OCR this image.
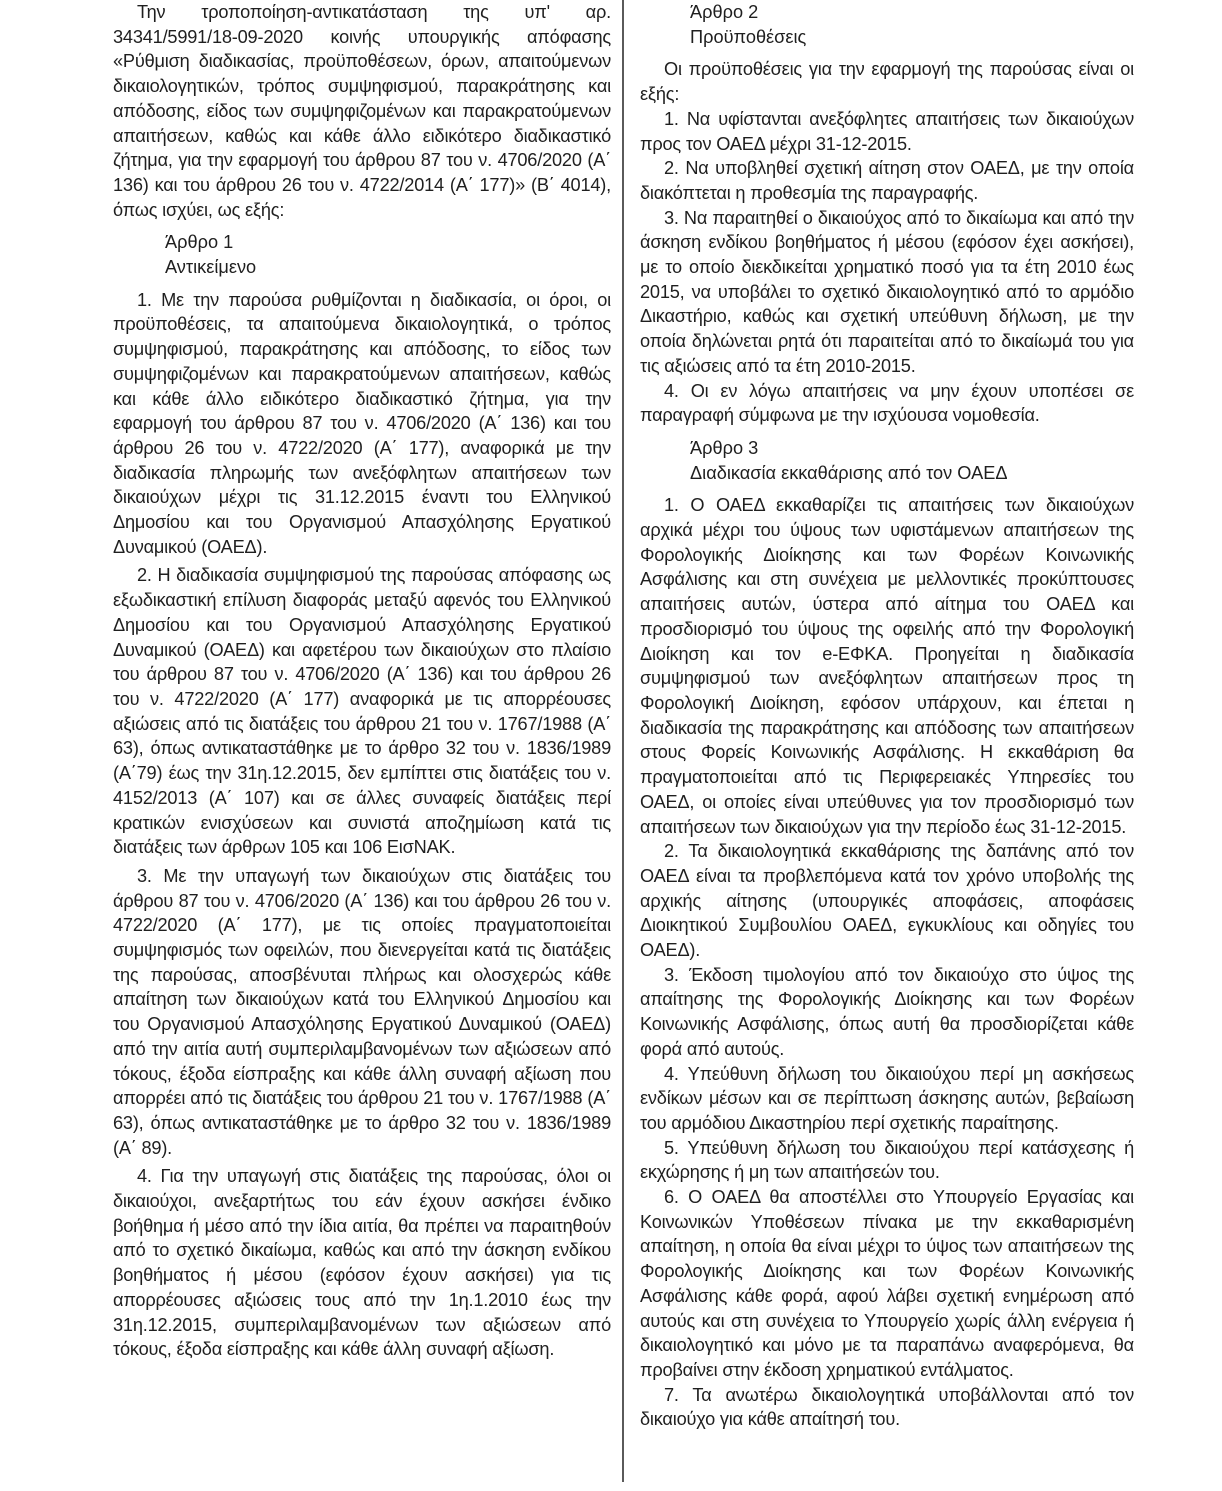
Την τροποποίηση-αντικατάσταση της υπ' αρ. 34341/5991/18-09-2020 κοινής υπουργικής απόφασης «Ρύθμιση διαδικασίας, προϋποθέσεων, όρων, απαιτούμενων δικαιολογητικών, τρόπος συμψηφισμού, παρακράτησης και απόδοσης, είδος των συμψηφιζομένων και παρακρατούμενων απαιτήσεων, καθώς και κάθε άλλο ειδικότερο διαδικαστικό ζήτημα, για την εφαρμογή του άρθρου 87 του ν. 4706/2020 (Α΄ 136) και του άρθρου 26 του ν. 4722/2014 (Α΄ 177)» (Β΄ 4014), όπως ισχύει, ως εξής:

Άρθρο 1
Αντικείμενο

1. Με την παρούσα ρυθμίζονται η διαδικασία, οι όροι, οι προϋποθέσεις, τα απαιτούμενα δικαιολογητικά, ο τρόπος συμψηφισμού, παρακράτησης και απόδοσης, το είδος των συμψηφιζομένων και παρακρατούμενων απαιτήσεων, καθώς και κάθε άλλο ειδικότερο διαδικαστικό ζήτημα, για την εφαρμογή του άρθρου 87 του ν. 4706/2020 (Α΄ 136) και του άρθρου 26 του ν. 4722/2020 (Α΄ 177), αναφορικά με την διαδικασία πληρωμής των ανεξόφλητων απαιτήσεων των δικαιούχων μέχρι τις 31.12.2015 έναντι του Ελληνικού Δημοσίου και του Οργανισμού Απασχόλησης Εργατικού Δυναμικού (ΟΑΕΔ).

2. Η διαδικασία συμψηφισμού της παρούσας απόφασης ως εξωδικαστική επίλυση διαφοράς μεταξύ αφενός του Ελληνικού Δημοσίου και του Οργανισμού Απασχόλησης Εργατικού Δυναμικού (ΟΑΕΔ) και αφετέρου των δικαιούχων στο πλαίσιο του άρθρου 87 του ν. 4706/2020 (Α΄ 136) και του άρθρου 26 του ν. 4722/2020 (Α΄ 177) αναφορικά με τις απορρέουσες αξιώσεις από τις διατάξεις του άρθρου 21 του ν. 1767/1988 (Α΄ 63), όπως αντικαταστάθηκε με το άρθρο 32 του ν. 1836/1989 (Α΄79) έως την 31η.12.2015, δεν εμπίπτει στις διατάξεις του ν. 4152/2013 (Α΄ 107) και σε άλλες συναφείς διατάξεις περί κρατικών ενισχύσεων και συνιστά αποζημίωση κατά τις διατάξεις των άρθρων 105 και 106 ΕισΝΑΚ.

3. Με την υπαγωγή των δικαιούχων στις διατάξεις του άρθρου 87 του ν. 4706/2020 (Α΄ 136) και του άρθρου 26 του ν. 4722/2020 (Α΄ 177), με τις οποίες πραγματοποιείται συμψηφισμός των οφειλών, που διενεργείται κατά τις διατάξεις της παρούσας, αποσβένυται πλήρως και ολοσχερώς κάθε απαίτηση των δικαιούχων κατά του Ελληνικού Δημοσίου και του Οργανισμού Απασχόλησης Εργατικού Δυναμικού (ΟΑΕΔ) από την αιτία αυτή συμπεριλαμβανομένων των αξιώσεων από τόκους, έξοδα είσπραξης και κάθε άλλη συναφή αξίωση που απορρέει από τις διατάξεις του άρθρου 21 του ν. 1767/1988 (Α΄ 63), όπως αντικαταστάθηκε με το άρθρο 32 του ν. 1836/1989 (Α΄ 89).

4. Για την υπαγωγή στις διατάξεις της παρούσας, όλοι οι δικαιούχοι, ανεξαρτήτως του εάν έχουν ασκήσει ένδικο βοήθημα ή μέσο από την ίδια αιτία, θα πρέπει να παραιτηθούν από το σχετικό δικαίωμα, καθώς και από την άσκηση ενδίκου βοηθήματος ή μέσου (εφόσον έχουν ασκήσει) για τις απορρέουσες αξιώσεις τους από την 1η.1.2010 έως την 31η.12.2015, συμπεριλαμβανομένων των αξιώσεων από τόκους, έξοδα είσπραξης και κάθε άλλη συναφή αξίωση.

Άρθρο 2
Προϋποθέσεις

Οι προϋποθέσεις για την εφαρμογή της παρούσας είναι οι εξής:

1. Να υφίστανται ανεξόφλητες απαιτήσεις των δικαιούχων προς τον ΟΑΕΔ μέχρι 31-12-2015.

2. Να υποβληθεί σχετική αίτηση στον ΟΑΕΔ, με την οποία διακόπτεται η προθεσμία της παραγραφής.

3. Να παραιτηθεί ο δικαιούχος από το δικαίωμα και από την άσκηση ενδίκου βοηθήματος ή μέσου (εφόσον έχει ασκήσει), με το οποίο διεκδικείται χρηματικό ποσό για τα έτη 2010 έως 2015, να υποβάλει το σχετικό δικαιολογητικό από το αρμόδιο Δικαστήριο, καθώς και σχετική υπεύθυνη δήλωση, με την οποία δηλώνεται ρητά ότι παραιτείται από το δικαίωμά του για τις αξιώσεις από τα έτη 2010-2015.

4. Οι εν λόγω απαιτήσεις να μην έχουν υποπέσει σε παραγραφή σύμφωνα με την ισχύουσα νομοθεσία.

Άρθρο 3
Διαδικασία εκκαθάρισης από τον ΟΑΕΔ

1. Ο ΟΑΕΔ εκκαθαρίζει τις απαιτήσεις των δικαιούχων αρχικά μέχρι του ύψους των υφιστάμενων απαιτήσεων της Φορολογικής Διοίκησης και των Φορέων Κοινωνικής Ασφάλισης και στη συνέχεια με μελλοντικές προκύπτουσες απαιτήσεις αυτών, ύστερα από αίτημα του ΟΑΕΔ και προσδιορισμό του ύψους της οφειλής από την Φορολογική Διοίκηση και τον e-ΕΦΚΑ. Προηγείται η διαδικασία συμψηφισμού των ανεξόφλητων απαιτήσεων προς τη Φορολογική Διοίκηση, εφόσον υπάρχουν, και έπεται η διαδικασία της παρακράτησης και απόδοσης των απαιτήσεων στους Φορείς Κοινωνικής Ασφάλισης. Η εκκαθάριση θα πραγματοποιείται από τις Περιφερειακές Υπηρεσίες του ΟΑΕΔ, οι οποίες είναι υπεύθυνες για τον προσδιορισμό των απαιτήσεων των δικαιούχων για την περίοδο έως 31-12-2015.

2. Τα δικαιολογητικά εκκαθάρισης της δαπάνης από τον ΟΑΕΔ είναι τα προβλεπόμενα κατά τον χρόνο υποβολής της αρχικής αίτησης (υπουργικές αποφάσεις, αποφάσεις Διοικητικού Συμβουλίου ΟΑΕΔ, εγκυκλίους και οδηγίες του ΟΑΕΔ).

3. Έκδοση τιμολογίου από τον δικαιούχο στο ύψος της απαίτησης της Φορολογικής Διοίκησης και των Φορέων Κοινωνικής Ασφάλισης, όπως αυτή θα προσδιορίζεται κάθε φορά από αυτούς.

4. Υπεύθυνη δήλωση του δικαιούχου περί μη ασκήσεως ενδίκων μέσων και σε περίπτωση άσκησης αυτών, βεβαίωση του αρμόδιου Δικαστηρίου περί σχετικής παραίτησης.

5. Υπεύθυνη δήλωση του δικαιούχου περί κατάσχεσης ή εκχώρησης ή μη των απαιτήσεών του.

6. Ο ΟΑΕΔ θα αποστέλλει στο Υπουργείο Εργασίας και Κοινωνικών Υποθέσεων πίνακα με την εκκαθαρισμένη απαίτηση, η οποία θα είναι μέχρι το ύψος των απαιτήσεων της Φορολογικής Διοίκησης και των Φορέων Κοινωνικής Ασφάλισης κάθε φορά, αφού λάβει σχετική ενημέρωση από αυτούς και στη συνέχεια το Υπουργείο χωρίς άλλη ενέργεια ή δικαιολογητικό και μόνο με τα παραπάνω αναφερόμενα, θα προβαίνει στην έκδοση χρηματικού εντάλματος.

7. Τα ανωτέρω δικαιολογητικά υποβάλλονται από τον δικαιούχο για κάθε απαίτησή του.
